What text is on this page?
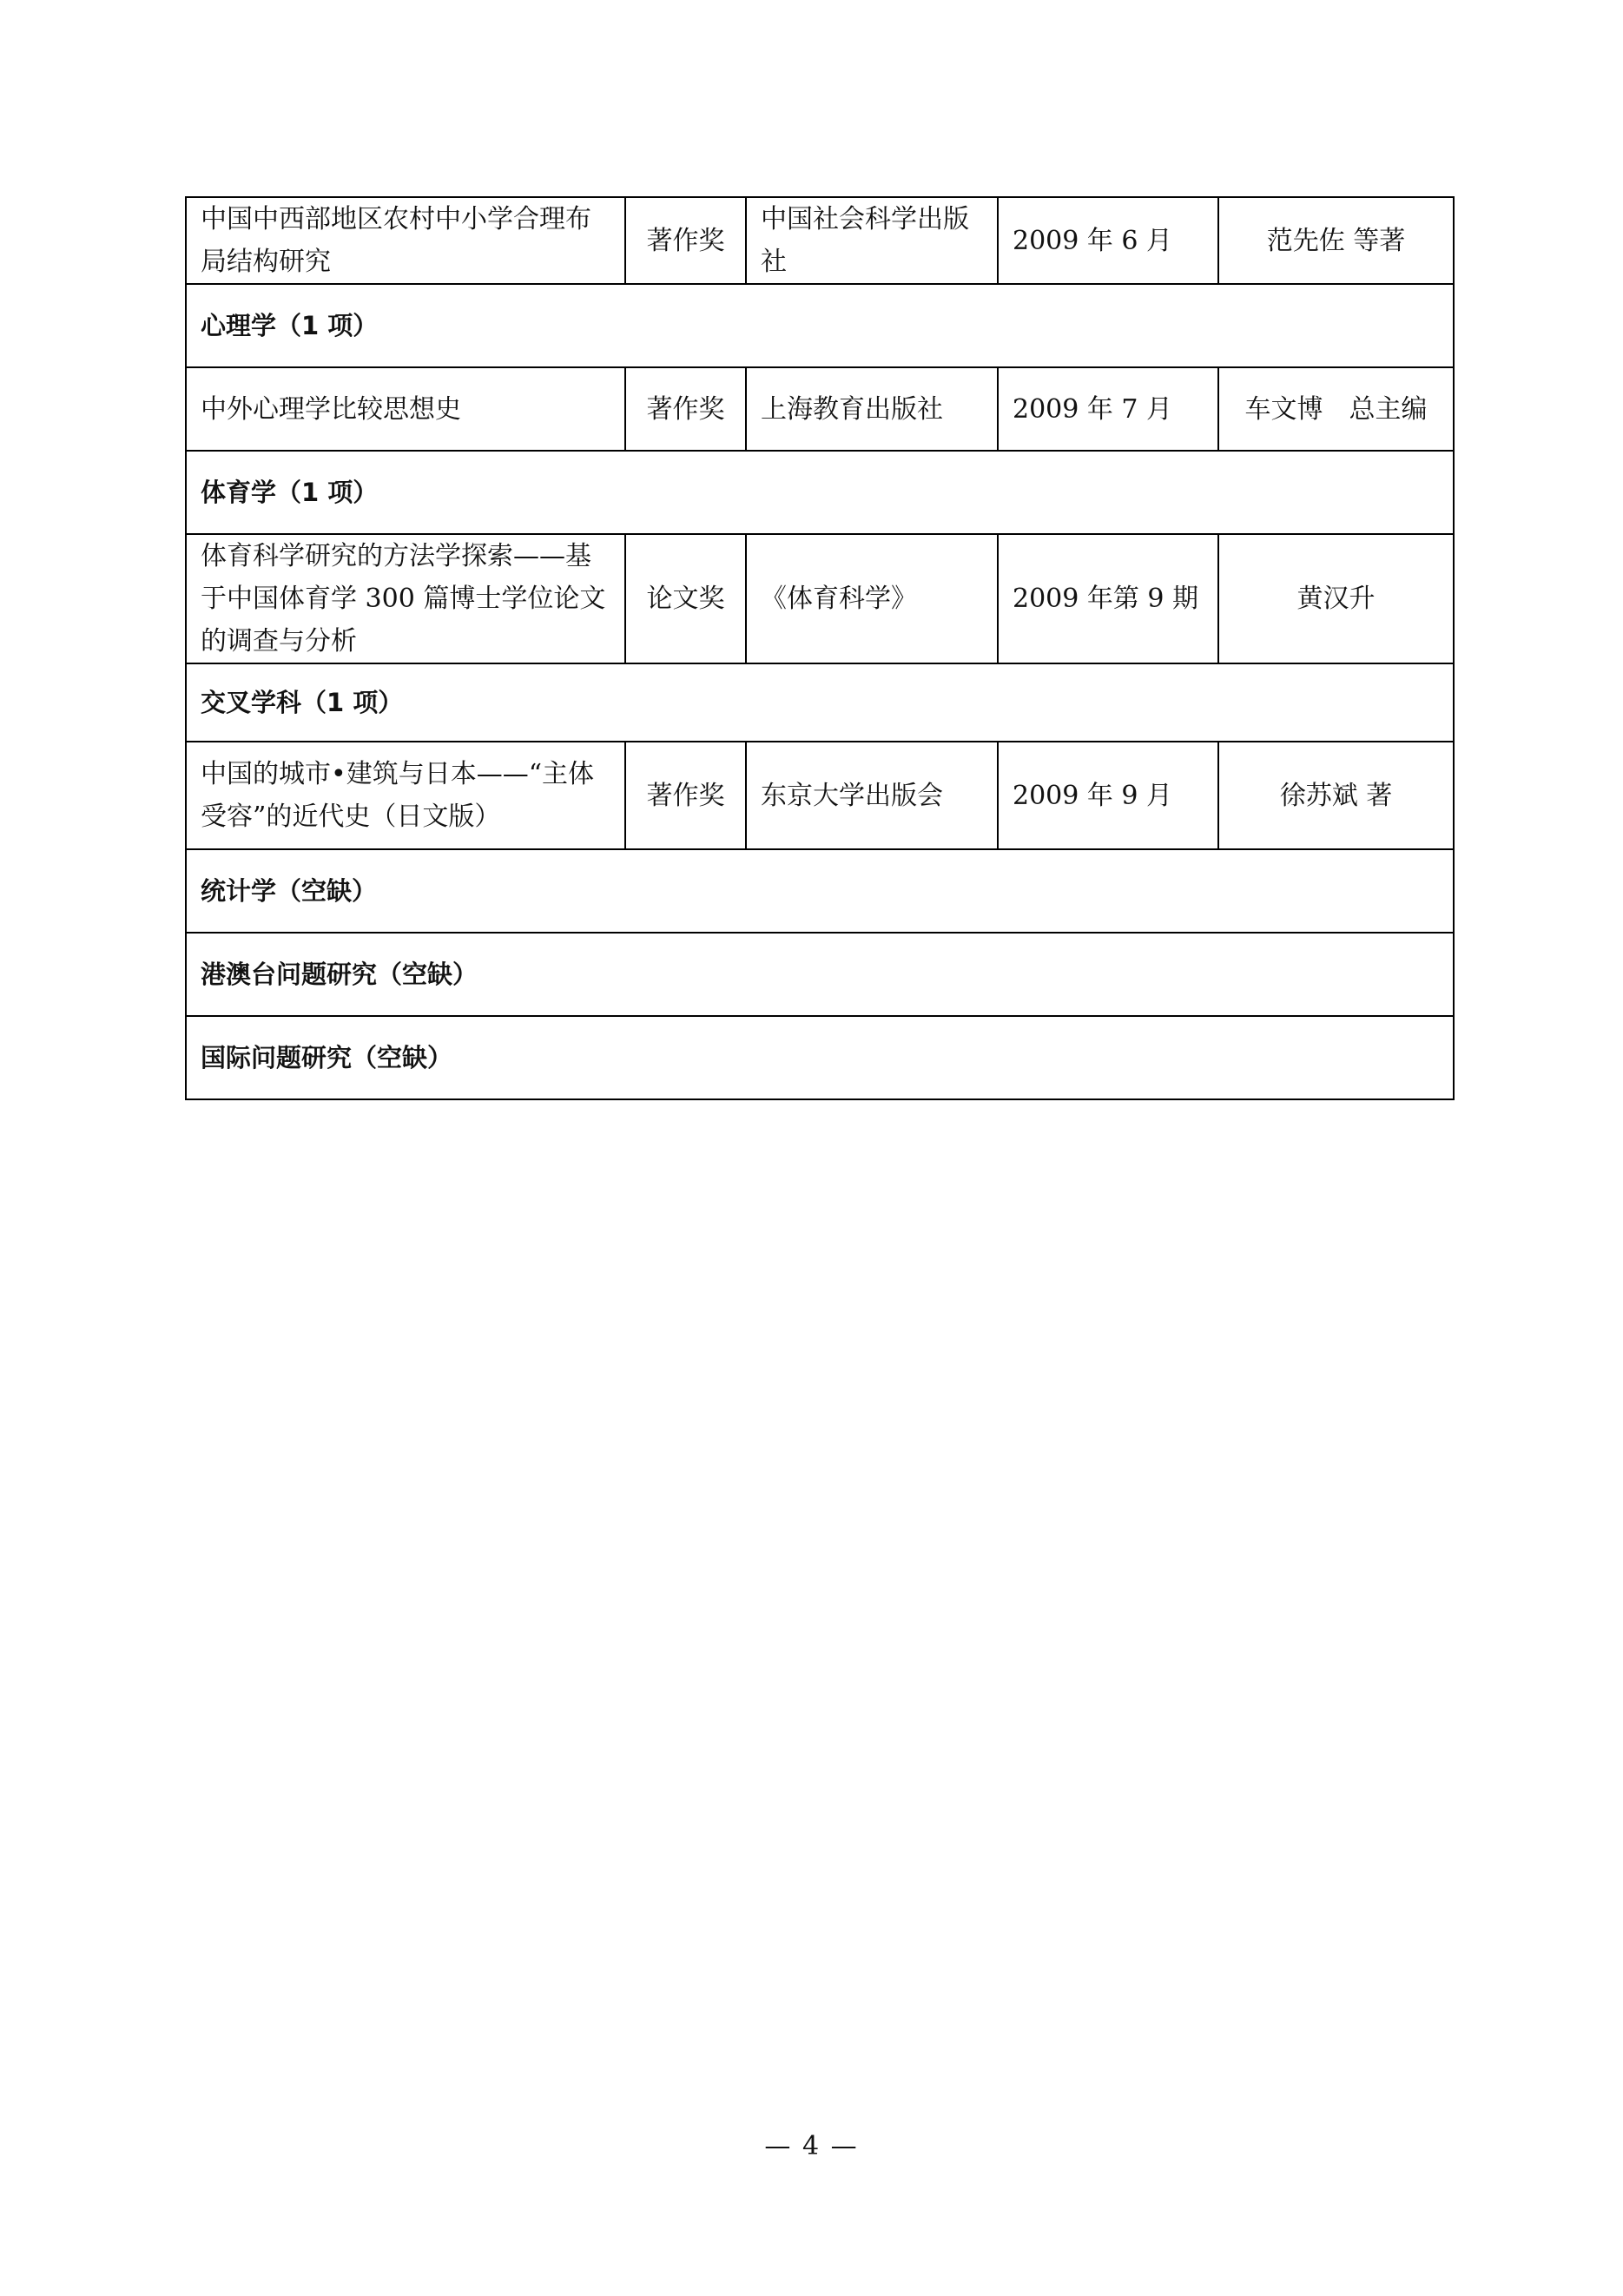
中国中西部地区农村中小学合理布局结构研究	著作奖	中国社会科学出版社	2009 年 6 月	范先佐 等著
心理学（1 项）				
中外心理学比较思想史	著作奖	上海教育出版社	2009 年 7 月	车文博　总主编
体育学（1 项）				
体育科学研究的方法学探索——基于中国体育学 300 篇博士学位论文的调查与分析	论文奖	《体育科学》	2009 年第 9 期	黄汉升
交叉学科（1 项）				
中国的城市•建筑与日本——“主体受容”的近代史（日文版）	著作奖	东京大学出版会	2009 年 9 月	徐苏斌 著
统计学（空缺）				
港澳台问题研究（空缺）				
国际问题研究（空缺）				
— 4 —
